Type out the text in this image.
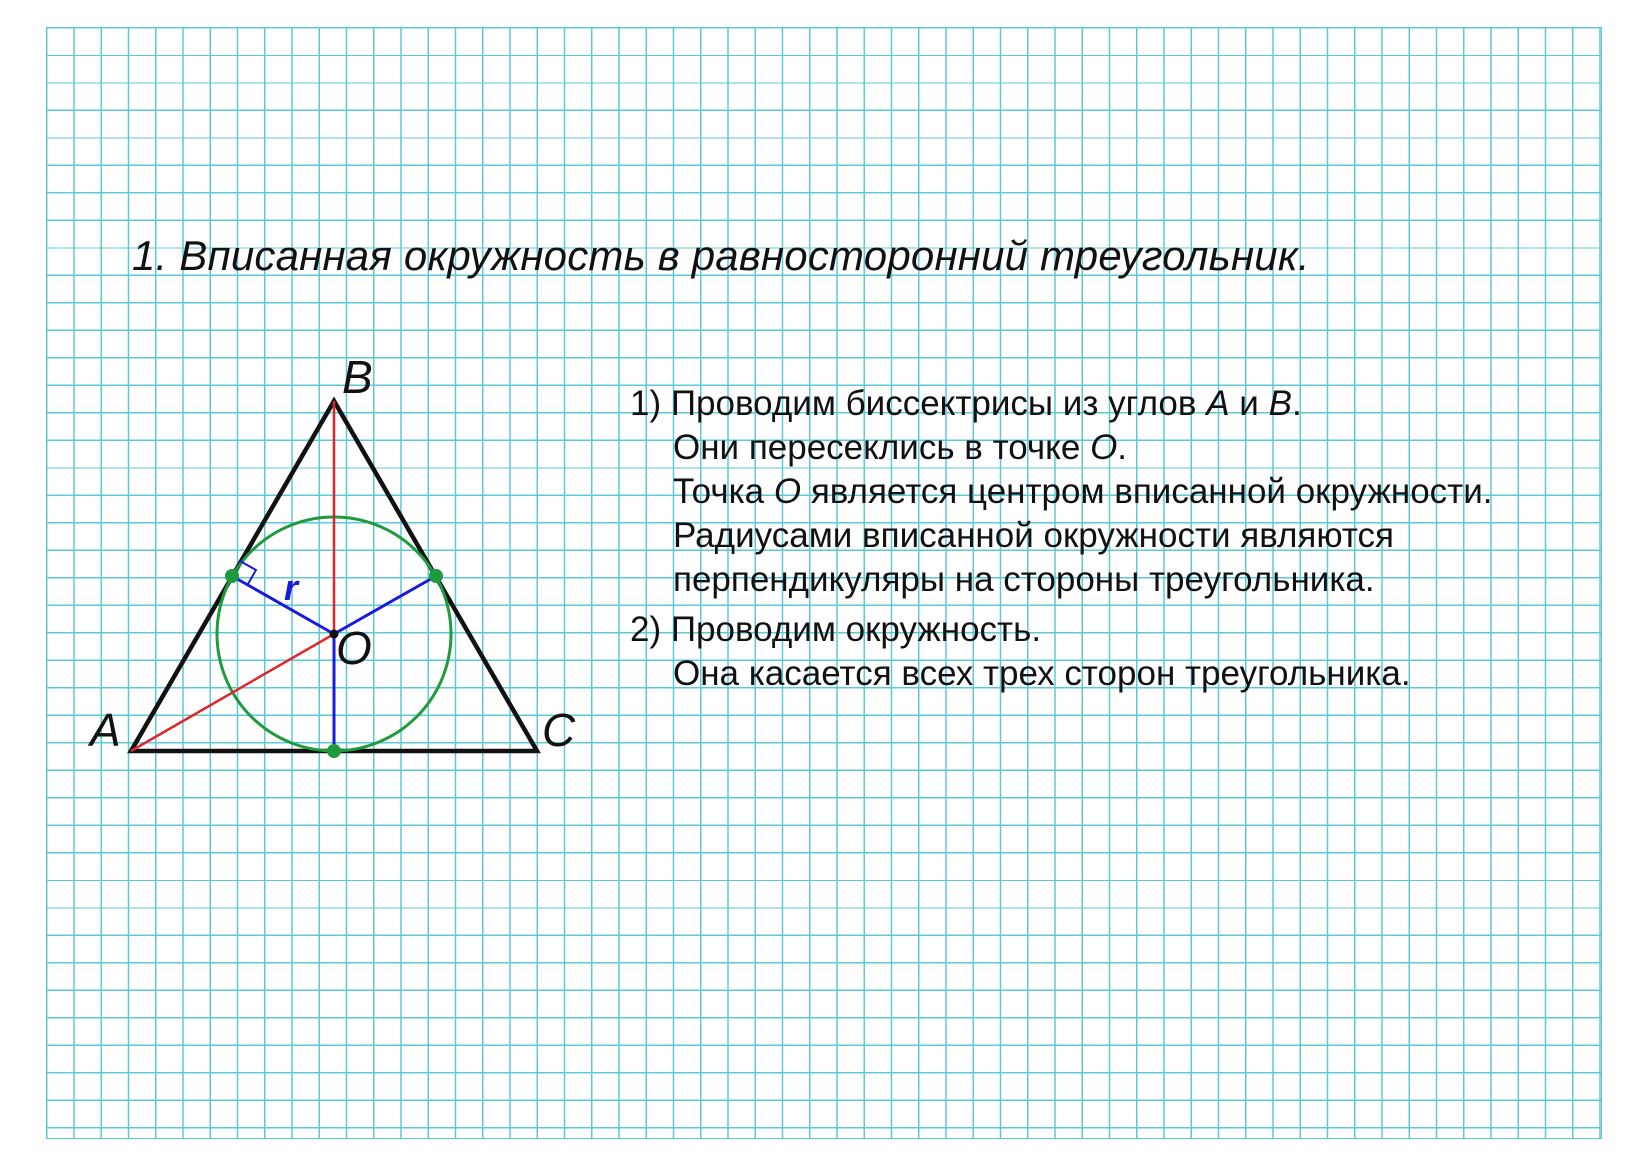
1. Вписанная окружность в равносторонний треугольник.
A
B
C
O
r
1) Проводим биссектрисы из углов A и B.
Они пересеклись в точке O.
Точка O является центром вписанной окружности.
Радиусами вписанной окружности являются
перпендикуляры на стороны треугольника.
2) Проводим окружность.
Она касается всех трех сторон треугольника.
